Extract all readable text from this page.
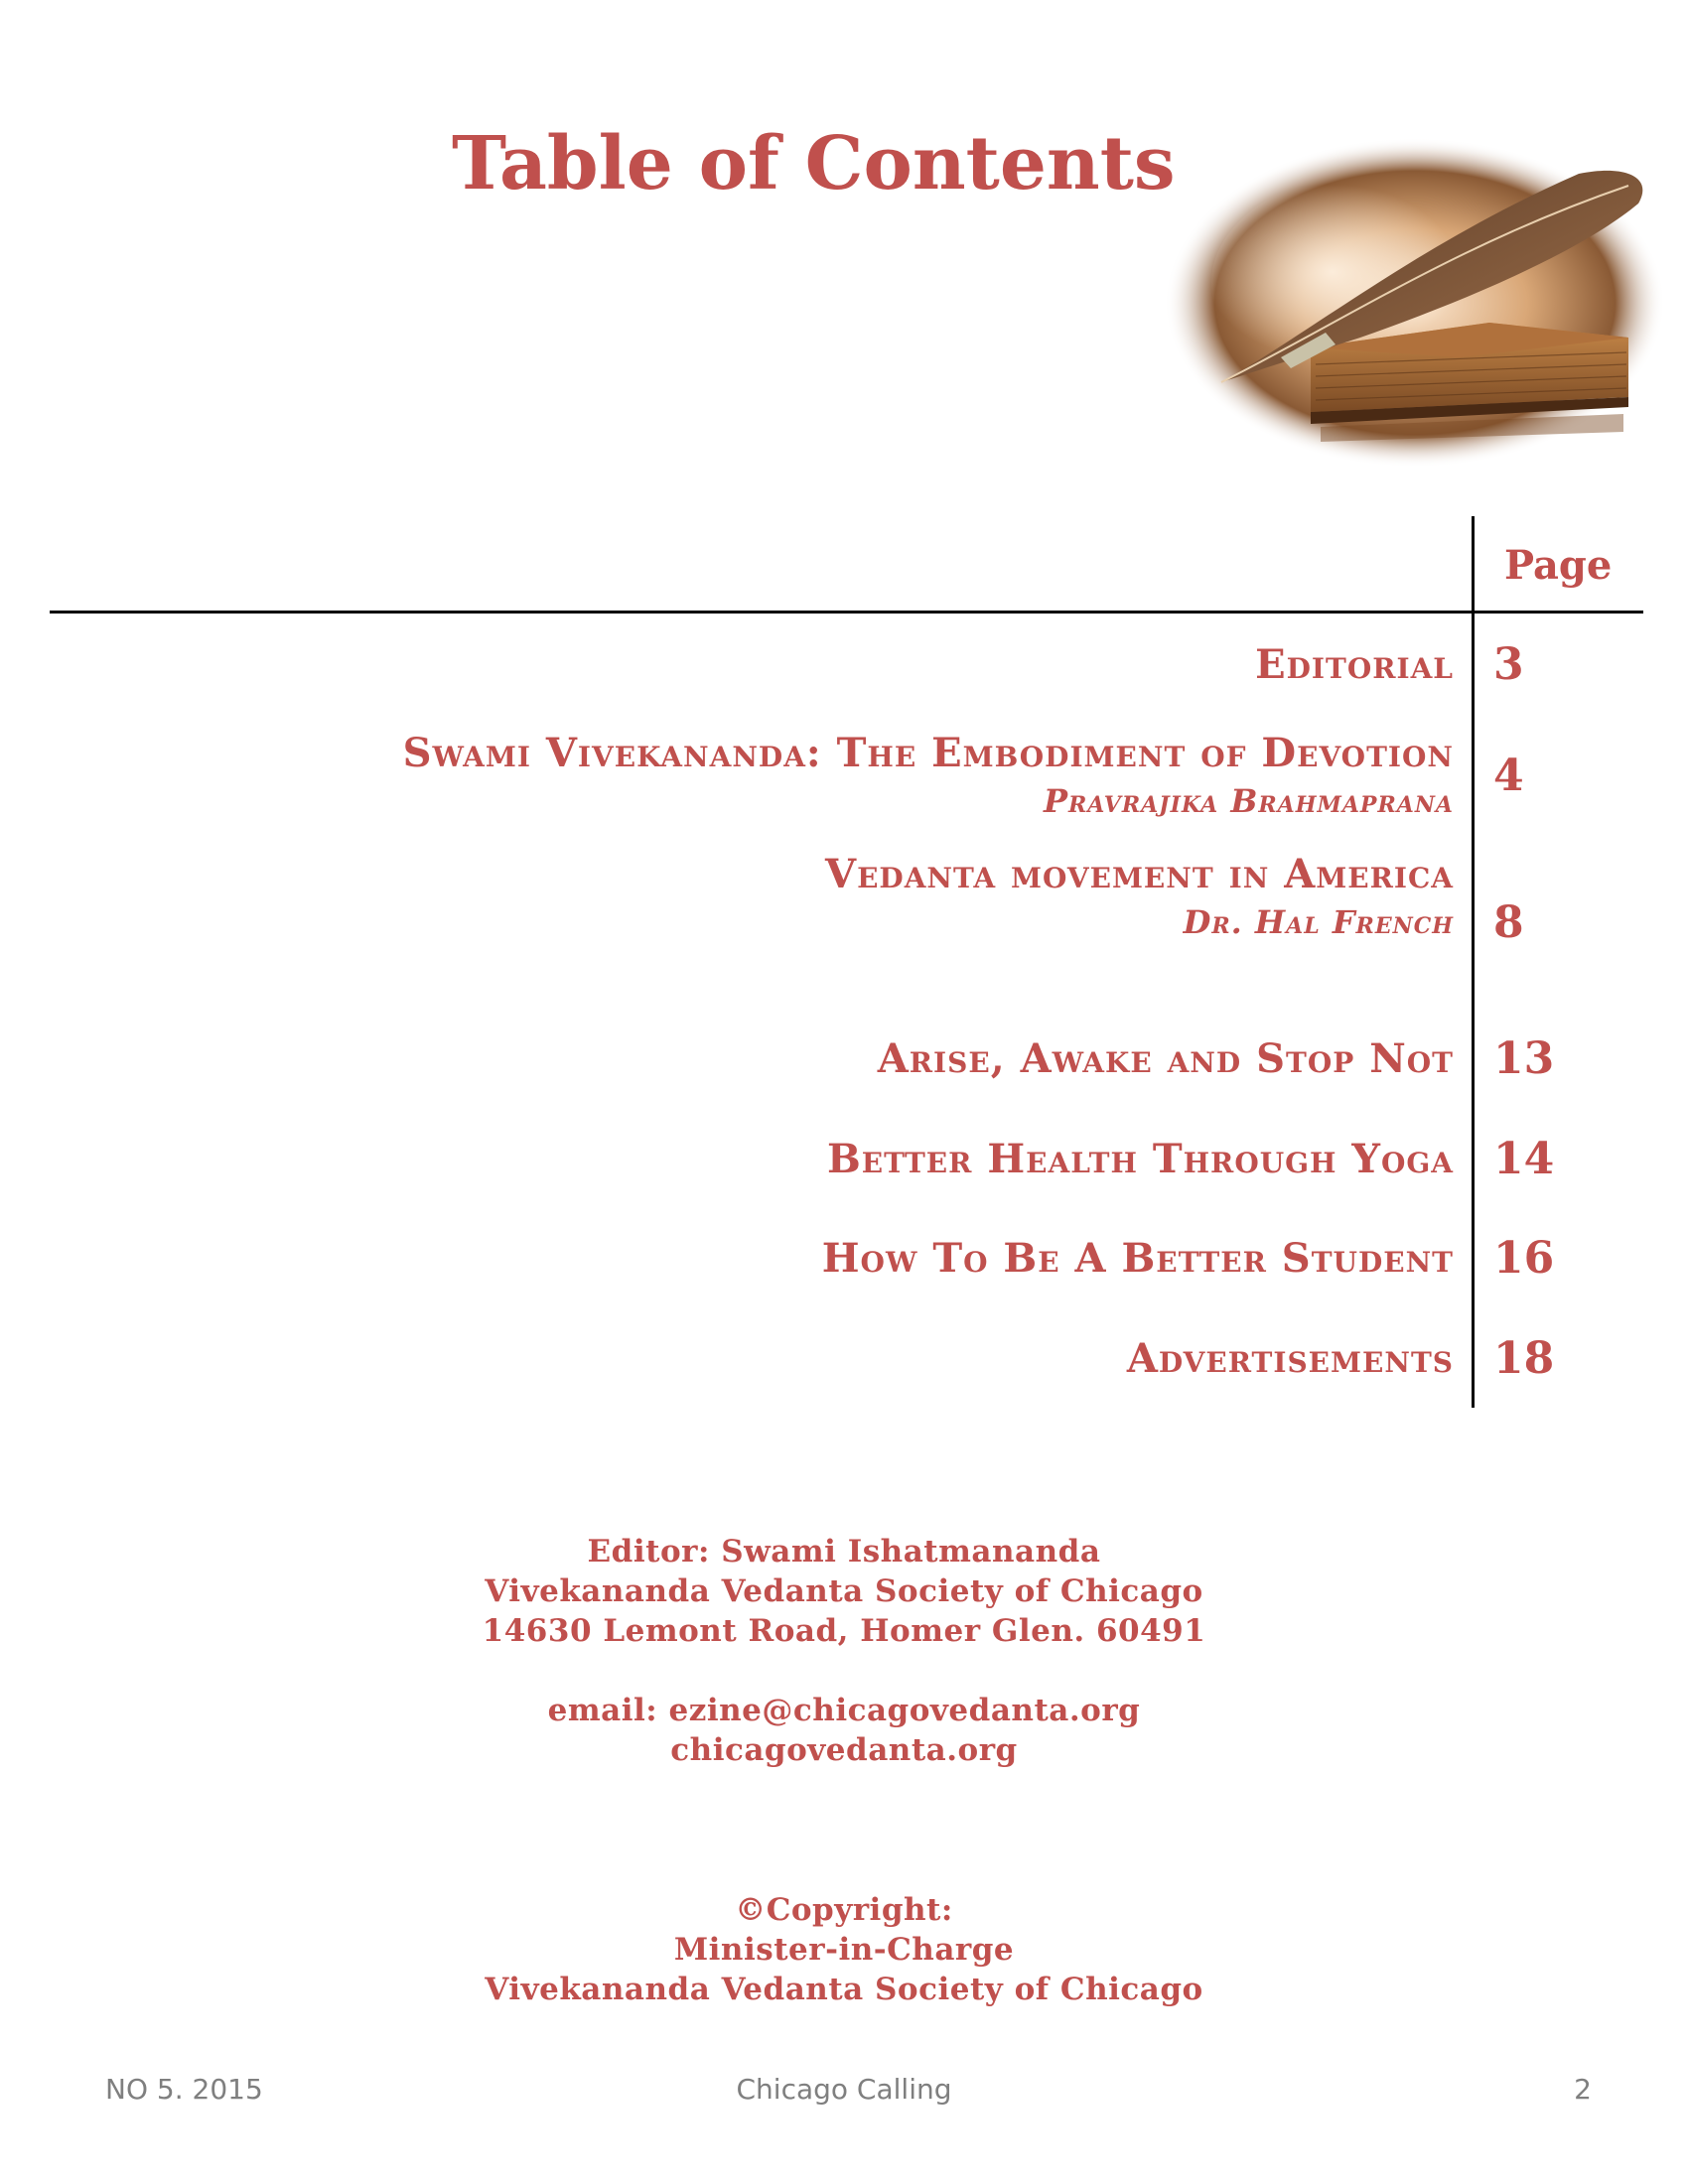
Table of Contents
Page
Editorial 3
Swami Vivekananda: The Embodiment of Devotion
Pravrajika Brahmaprana 4
Vedanta movement in America
Dr. Hal French 8
Arise, Awake and Stop Not 13
Better Health Through Yoga 14
How To Be A Better Student 16
Advertisements 18
Editor: Swami Ishatmananda
Vivekananda Vedanta Society of Chicago
14630 Lemont Road, Homer Glen. 60491
email: ezine@chicagovedanta.org
chicagovedanta.org
©Copyright:
Minister-in-Charge
Vivekananda Vedanta Society of Chicago
NO 5. 2015	Chicago Calling	2
